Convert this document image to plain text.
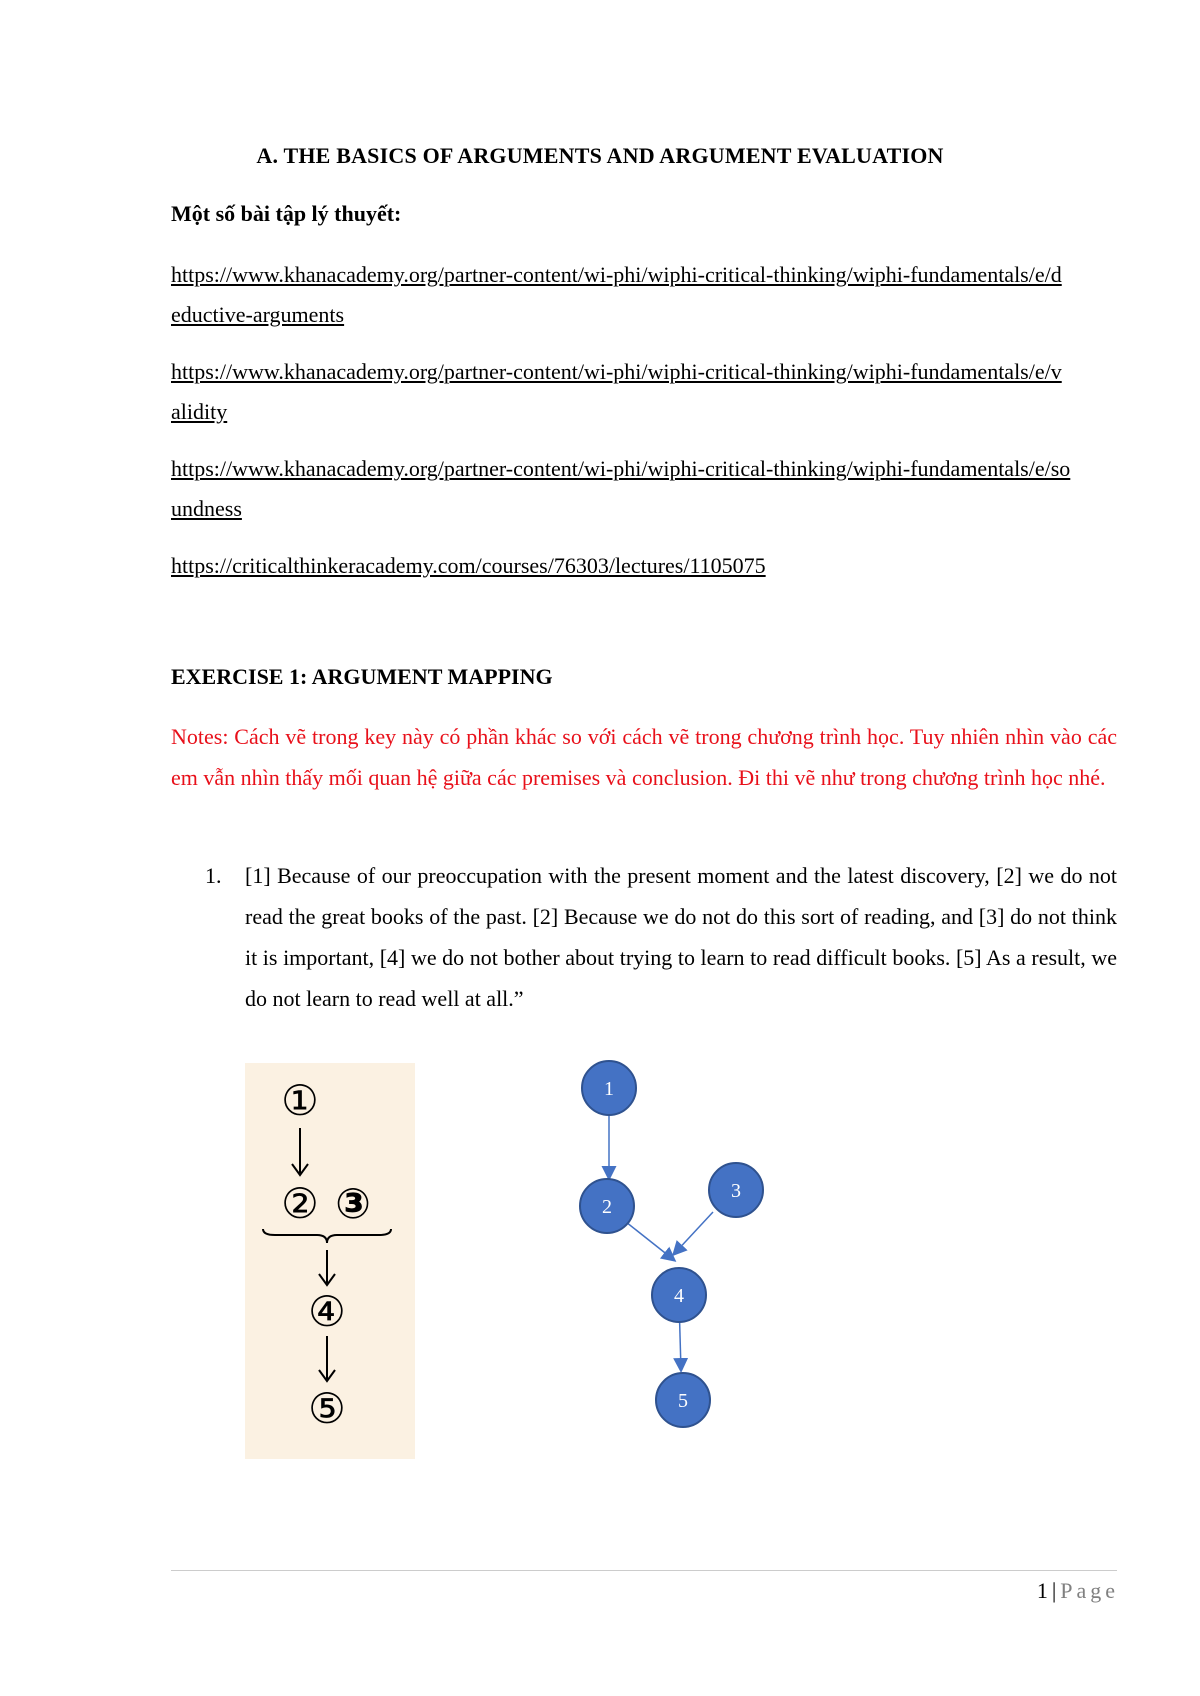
A. THE BASICS OF ARGUMENTS AND ARGUMENT EVALUATION
Một số bài tập lý thuyết:
https://www.khanacademy.org/partner-content/wi-phi/wiphi-critical-thinking/wiphi-fundamentals/e/deductive-arguments
https://www.khanacademy.org/partner-content/wi-phi/wiphi-critical-thinking/wiphi-fundamentals/e/validity
https://www.khanacademy.org/partner-content/wi-phi/wiphi-critical-thinking/wiphi-fundamentals/e/soundness
https://criticalthinkeracademy.com/courses/76303/lectures/1105075
EXERCISE 1: ARGUMENT MAPPING
Notes: Cách vẽ trong key này có phần khác so với cách vẽ trong chương trình học. Tuy nhiên nhìn vào các em vẫn nhìn thấy mối quan hệ giữa các premises và conclusion. Đi thi vẽ như trong chương trình học nhé.
1. [1] Because of our preoccupation with the present moment and the latest discovery, [2] we do not read the great books of the past. [2] Because we do not do this sort of reading, and [3] do not think it is important, [4] we do not bother about trying to learn to read difficult books. [5] As a result, we do not learn to read well at all.”
①
② ③
④
⑤
1
2
3
4
5
1 | Page
